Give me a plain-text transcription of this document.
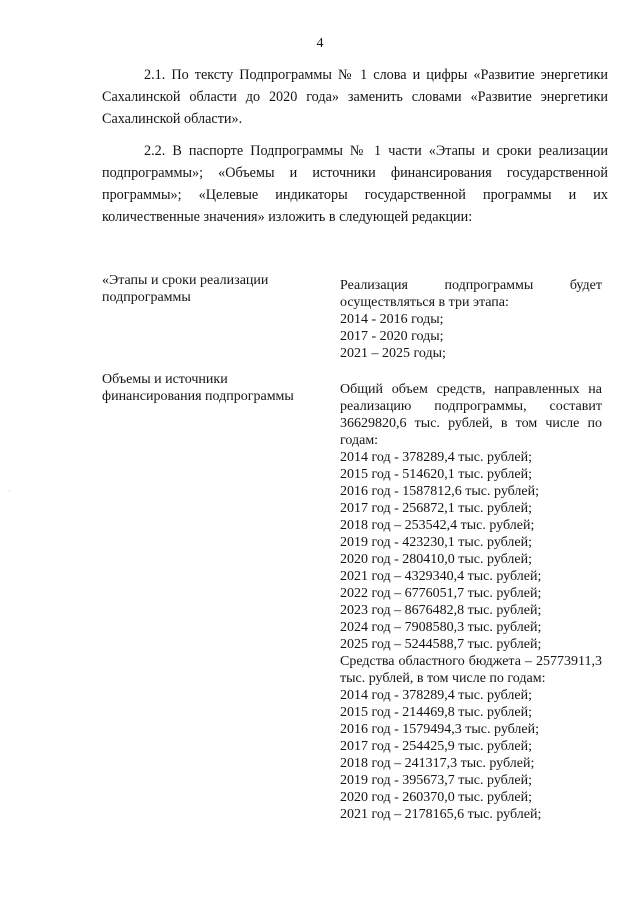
4

2.1. По тексту Подпрограммы № 1 слова и цифры «Развитие энергетики Сахалинской области до 2020 года» заменить словами «Развитие энергетики Сахалинской области».

2.2. В паспорте Подпрограммы № 1 части «Этапы и сроки реализации подпрограммы»; «Объемы и источники финансирования государственной программы»; «Целевые индикаторы государственной программы и их количественные значения» изложить в следующей редакции:

«Этапы и сроки реализации подпрограммы

Реализация подпрограммы будет осуществляться в три этапа:

2014 - 2016 годы;
2017 - 2020 годы;
2021 – 2025 годы;

Объемы и источники финансирования подпрограммы	Общий объем средств, направленных на реализацию подпрограммы, составит 36629820,6 тыс. рублей, в том числе по годам:

2014 год - 378289,4 тыс. рублей;
2015 год - 514620,1 тыс. рублей;
2016 год - 1587812,6 тыс. рублей;
2017 год - 256872,1 тыс. рублей;
2018 год – 253542,4 тыс. рублей;
2019 год - 423230,1 тыс. рублей;
2020 год - 280410,0 тыс. рублей;
2021 год – 4329340,4 тыс. рублей;
2022 год – 6776051,7 тыс. рублей;
2023 год – 8676482,8 тыс. рублей;
2024 год – 7908580,3 тыс. рублей;
2025 год – 5244588,7 тыс. рублей;

Средства областного бюджета – 25773911,3 тыс. рублей, в том числе по годам:

2014 год - 378289,4 тыс. рублей;
2015 год - 214469,8 тыс. рублей;
2016 год - 1579494,3 тыс. рублей;
2017 год - 254425,9 тыс. рублей;
2018 год – 241317,3 тыс. рублей;
2019 год - 395673,7 тыс. рублей;
2020 год - 260370,0 тыс. рублей;
2021 год – 2178165,6 тыс. рублей;
·
